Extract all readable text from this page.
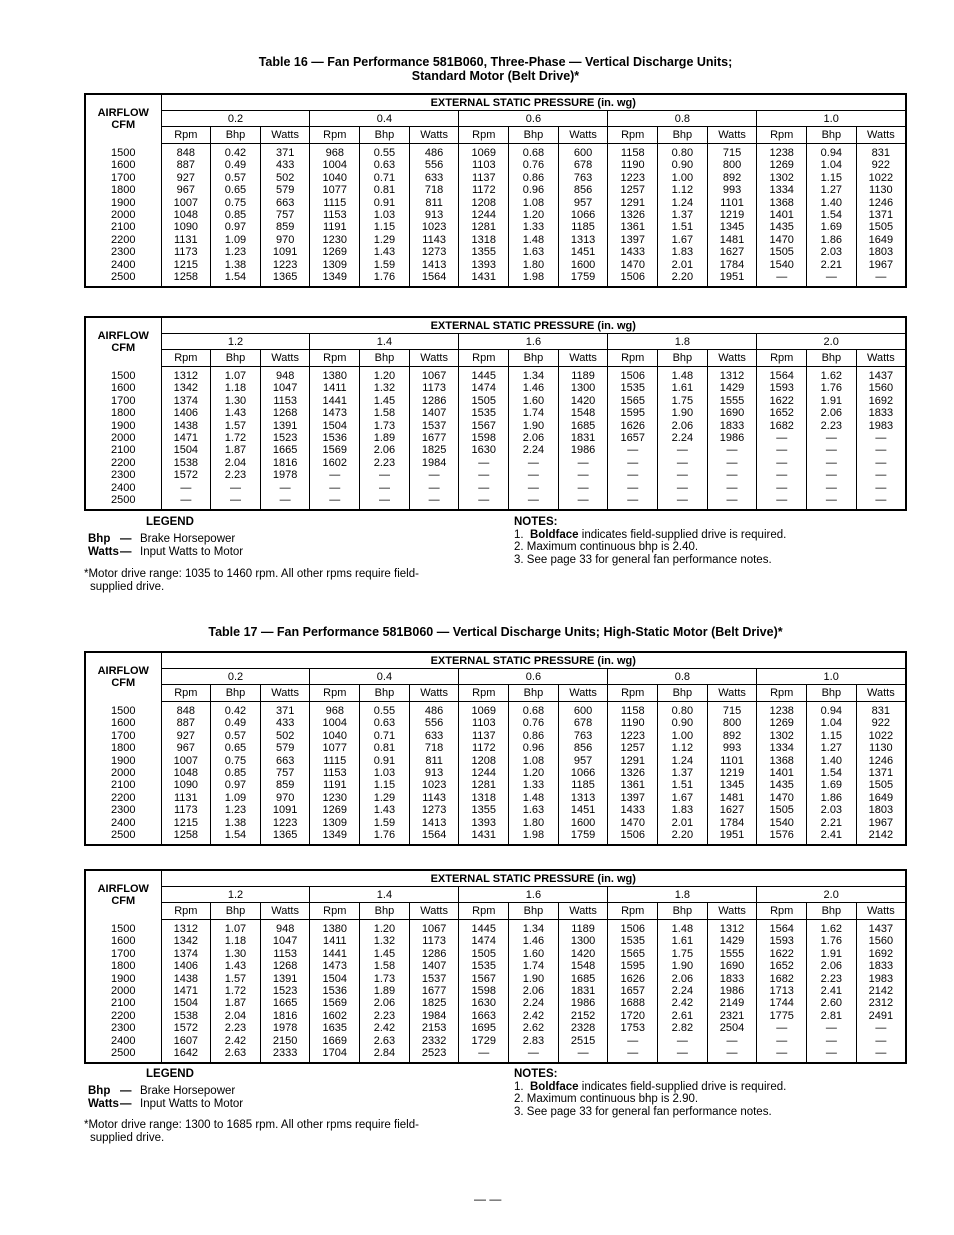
Table 16 — Fan Performance 581B060, Three-Phase — Vertical Discharge Units;
Standard Motor (Belt Drive)*
AIRFLOW
CFM	EXTERNAL STATIC PRESSURE (in. wg)														
	0.2			0.4			0.6			0.8			1.0		
	Rpm	Bhp	Watts	Rpm	Bhp	Watts	Rpm	Bhp	Watts	Rpm	Bhp	Watts	Rpm	Bhp	Watts
1500	848	0.42	371	968	0.55	486	1069	0.68	600	1158	0.80	715	1238	0.94	831
1600	887	0.49	433	1004	0.63	556	1103	0.76	678	1190	0.90	800	1269	1.04	922
1700	927	0.57	502	1040	0.71	633	1137	0.86	763	1223	1.00	892	1302	1.15	1022
1800	967	0.65	579	1077	0.81	718	1172	0.96	856	1257	1.12	993	1334	1.27	1130
1900	1007	0.75	663	1115	0.91	811	1208	1.08	957	1291	1.24	1101	1368	1.40	1246
2000	1048	0.85	757	1153	1.03	913	1244	1.20	1066	1326	1.37	1219	1401	1.54	1371
2100	1090	0.97	859	1191	1.15	1023	1281	1.33	1185	1361	1.51	1345	1435	1.69	1505
2200	1131	1.09	970	1230	1.29	1143	1318	1.48	1313	1397	1.67	1481	1470	1.86	1649
2300	1173	1.23	1091	1269	1.43	1273	1355	1.63	1451	1433	1.83	1627	1505	2.03	1803
2400	1215	1.38	1223	1309	1.59	1413	1393	1.80	1600	1470	2.01	1784	1540	2.21	1967
2500	1258	1.54	1365	1349	1.76	1564	1431	1.98	1759	1506	2.20	1951	—	—	—
AIRFLOW
CFM	EXTERNAL STATIC PRESSURE (in. wg)														
	1.2			1.4			1.6			1.8			2.0		
	Rpm	Bhp	Watts	Rpm	Bhp	Watts	Rpm	Bhp	Watts	Rpm	Bhp	Watts	Rpm	Bhp	Watts
1500	1312	1.07	948	1380	1.20	1067	1445	1.34	1189	1506	1.48	1312	1564	1.62	1437
1600	1342	1.18	1047	1411	1.32	1173	1474	1.46	1300	1535	1.61	1429	1593	1.76	1560
1700	1374	1.30	1153	1441	1.45	1286	1505	1.60	1420	1565	1.75	1555	1622	1.91	1692
1800	1406	1.43	1268	1473	1.58	1407	1535	1.74	1548	1595	1.90	1690	1652	2.06	1833
1900	1438	1.57	1391	1504	1.73	1537	1567	1.90	1685	1626	2.06	1833	1682	2.23	1983
2000	1471	1.72	1523	1536	1.89	1677	1598	2.06	1831	1657	2.24	1986	—	—	—
2100	1504	1.87	1665	1569	2.06	1825	1630	2.24	1986	—	—	—	—	—	—
2200	1538	2.04	1816	1602	2.23	1984	—	—	—	—	—	—	—	—	—
2300	1572	2.23	1978	—	—	—	—	—	—	—	—	—	—	—	—
2400	—	—	—	—	—	—	—	—	—	—	—	—	—	—	—
2500	—	—	—	—	—	—	—	—	—	—	—	—	—	—	—
LEGEND
Bhp — Brake Horsepower
Watts — Input Watts to Motor
*Motor drive range: 1035 to 1460 rpm. All other rpms require field-
supplied drive.
NOTES:
1. Boldface indicates field-supplied drive is required.
2. Maximum continuous bhp is 2.40.
3. See page 33 for general fan performance notes.
Table 17 — Fan Performance 581B060 — Vertical Discharge Units; High-Static Motor (Belt Drive)*
AIRFLOW
CFM	EXTERNAL STATIC PRESSURE (in. wg)														
	0.2			0.4			0.6			0.8			1.0		
	Rpm	Bhp	Watts	Rpm	Bhp	Watts	Rpm	Bhp	Watts	Rpm	Bhp	Watts	Rpm	Bhp	Watts
1500	848	0.42	371	968	0.55	486	1069	0.68	600	1158	0.80	715	1238	0.94	831
1600	887	0.49	433	1004	0.63	556	1103	0.76	678	1190	0.90	800	1269	1.04	922
1700	927	0.57	502	1040	0.71	633	1137	0.86	763	1223	1.00	892	1302	1.15	1022
1800	967	0.65	579	1077	0.81	718	1172	0.96	856	1257	1.12	993	1334	1.27	1130
1900	1007	0.75	663	1115	0.91	811	1208	1.08	957	1291	1.24	1101	1368	1.40	1246
2000	1048	0.85	757	1153	1.03	913	1244	1.20	1066	1326	1.37	1219	1401	1.54	1371
2100	1090	0.97	859	1191	1.15	1023	1281	1.33	1185	1361	1.51	1345	1435	1.69	1505
2200	1131	1.09	970	1230	1.29	1143	1318	1.48	1313	1397	1.67	1481	1470	1.86	1649
2300	1173	1.23	1091	1269	1.43	1273	1355	1.63	1451	1433	1.83	1627	1505	2.03	1803
2400	1215	1.38	1223	1309	1.59	1413	1393	1.80	1600	1470	2.01	1784	1540	2.21	1967
2500	1258	1.54	1365	1349	1.76	1564	1431	1.98	1759	1506	2.20	1951	1576	2.41	2142
AIRFLOW
CFM	EXTERNAL STATIC PRESSURE (in. wg)														
	1.2			1.4			1.6			1.8			2.0		
	Rpm	Bhp	Watts	Rpm	Bhp	Watts	Rpm	Bhp	Watts	Rpm	Bhp	Watts	Rpm	Bhp	Watts
1500	1312	1.07	948	1380	1.20	1067	1445	1.34	1189	1506	1.48	1312	1564	1.62	1437
1600	1342	1.18	1047	1411	1.32	1173	1474	1.46	1300	1535	1.61	1429	1593	1.76	1560
1700	1374	1.30	1153	1441	1.45	1286	1505	1.60	1420	1565	1.75	1555	1622	1.91	1692
1800	1406	1.43	1268	1473	1.58	1407	1535	1.74	1548	1595	1.90	1690	1652	2.06	1833
1900	1438	1.57	1391	1504	1.73	1537	1567	1.90	1685	1626	2.06	1833	1682	2.23	1983
2000	1471	1.72	1523	1536	1.89	1677	1598	2.06	1831	1657	2.24	1986	1713	2.41	2142
2100	1504	1.87	1665	1569	2.06	1825	1630	2.24	1986	1688	2.42	2149	1744	2.60	2312
2200	1538	2.04	1816	1602	2.23	1984	1663	2.42	2152	1720	2.61	2321	1775	2.81	2491
2300	1572	2.23	1978	1635	2.42	2153	1695	2.62	2328	1753	2.82	2504	—	—	—
2400	1607	2.42	2150	1669	2.63	2332	1729	2.83	2515	—	—	—	—	—	—
2500	1642	2.63	2333	1704	2.84	2523	—	—	—	—	—	—	—	—	—
LEGEND
Bhp — Brake Horsepower
Watts — Input Watts to Motor
*Motor drive range: 1300 to 1685 rpm. All other rpms require field-
supplied drive.
NOTES:
1. Boldface indicates field-supplied drive is required.
2. Maximum continuous bhp is 2.90.
3. See page 33 for general fan performance notes.
— —
